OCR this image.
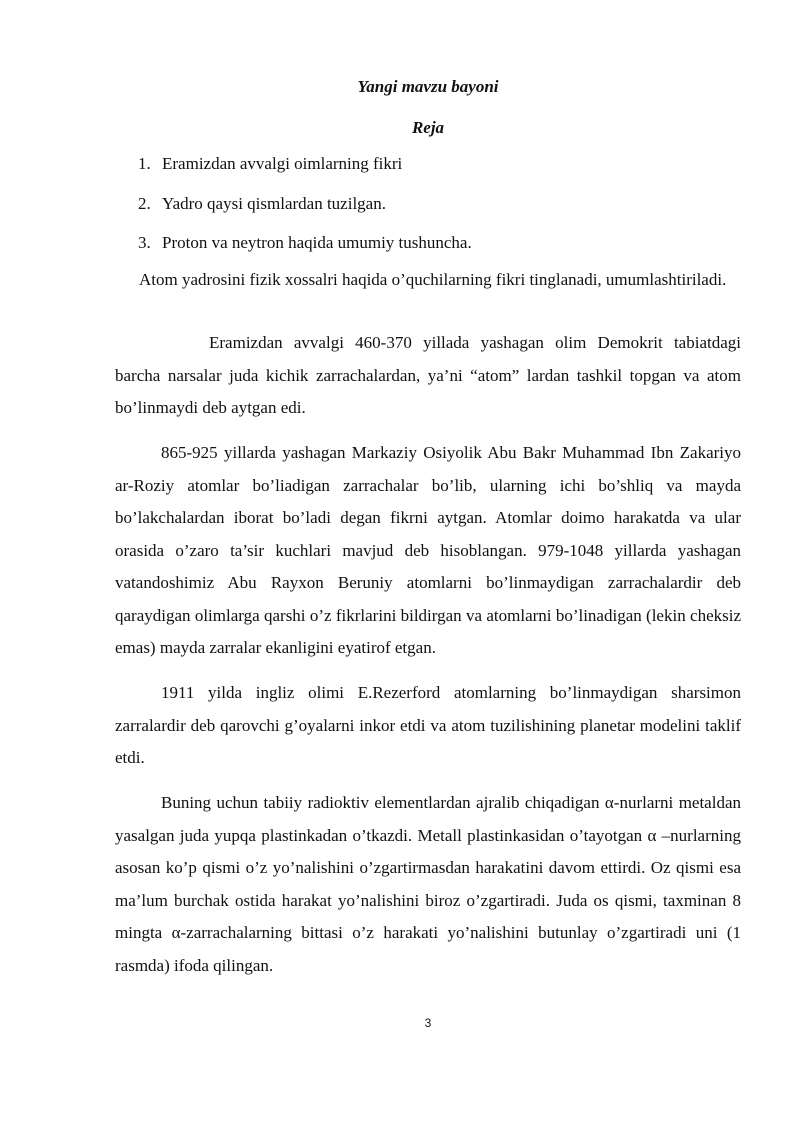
Yangi mavzu bayoni
Reja
1. Eramizdan avvalgi oimlarning fikri
2. Yadro qaysi qismlardan tuzilgan.
3. Proton va neytron haqida umumiy tushuncha.

Atom yadrosini fizik xossalri haqida o’quchilarning fikri tinglanadi, umumlashtiriladi.

Eramizdan avvalgi 460-370 yillada yashagan olim Demokrit tabiatdagi barcha narsalar juda kichik zarrachalardan, ya’ni “atom” lardan tashkil topgan va atom bo’linmaydi deb aytgan edi.

865-925 yillarda yashagan Markaziy Osiyolik Abu Bakr Muhammad Ibn Zakariyo ar-Roziy atomlar bo’liadigan zarrachalar bo’lib, ularning ichi bo’shliq va mayda bo’lakchalardan iborat bo’ladi degan fikrni aytgan. Atomlar doimo harakatda va ular orasida o’zaro ta’sir kuchlari mavjud deb hisoblangan. 979-1048 yillarda yashagan vatandoshimiz Abu Rayxon Beruniy atomlarni bo’linmaydigan zarrachalardir deb qaraydigan olimlarga qarshi o’z fikrlarini bildirgan va atomlarni bo’linadigan (lekin cheksiz emas) mayda zarralar ekanligini eyatirof etgan.

1911 yilda ingliz olimi E.Rezerford atomlarning bo’linmaydigan sharsimon zarralardir deb qarovchi g’oyalarni inkor etdi va atom tuzilishining planetar modelini taklif etdi.

Buning uchun tabiiy radioktiv elementlardan ajralib chiqadigan α-nurlarni metaldan yasalgan juda yupqa plastinkadan o’tkazdi. Metall plastinkasidan o’tayotgan α –nurlarning asosan ko’p qismi o’z yo’nalishini o’zgartirmasdan harakatini davom ettirdi. Oz qismi esa ma’lum burchak ostida harakat yo’nalishini biroz o’zgartiradi. Juda os qismi, taxminan 8 mingta α-zarrachalarning bittasi o’z harakati yo’nalishini butunlay o’zgartiradi uni (1 rasmda) ifoda qilingan.

3
